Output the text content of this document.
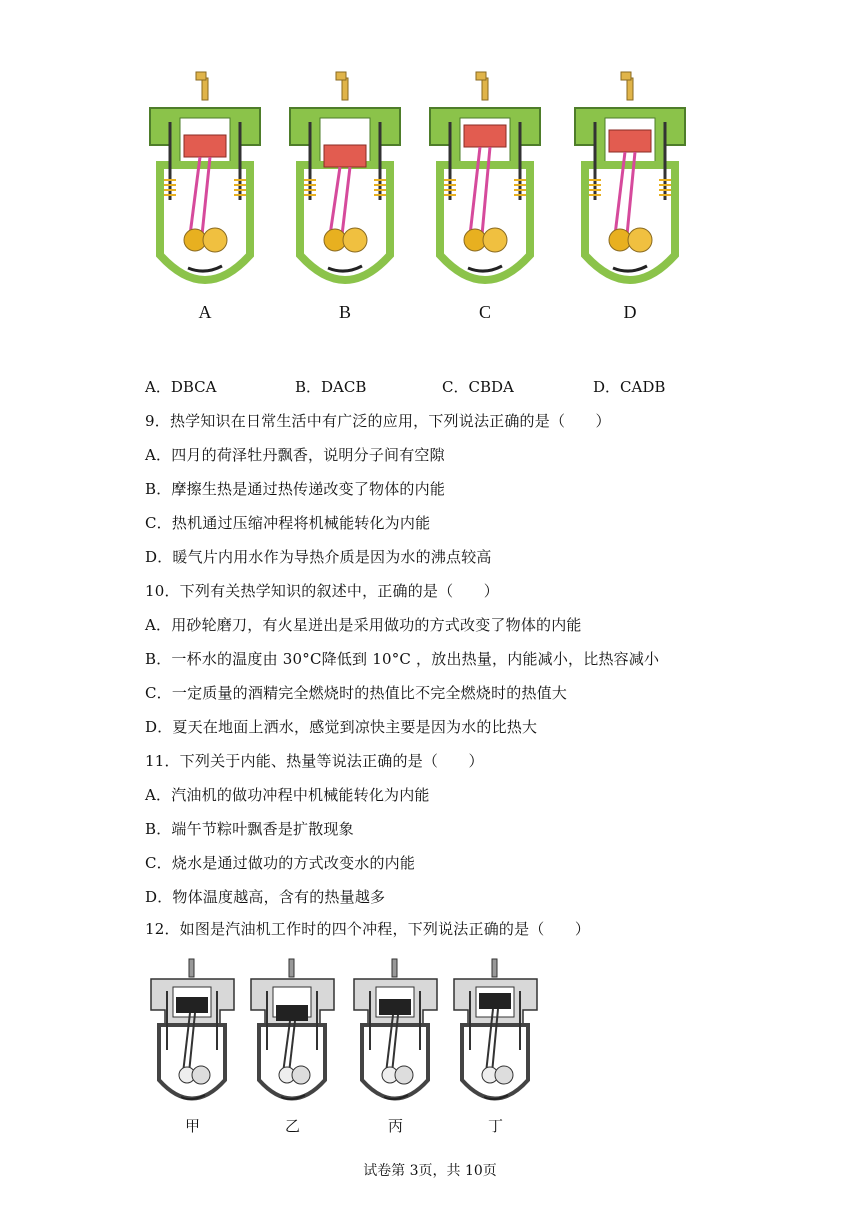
A	B	C	D
A．DBCA	B．DACB	C．CBDA	D．CADB
9．热学知识在日常生活中有广泛的应用，下列说法正确的是（　　）
A．四月的荷泽牡丹飘香，说明分子间有空隙
B．摩擦生热是通过热传递改变了物体的内能
C．热机通过压缩冲程将机械能转化为内能
D．暖气片内用水作为导热介质是因为水的沸点较高
10．下列有关热学知识的叙述中，正确的是（　　）
A．用砂轮磨刀，有火星迸出是采用做功的方式改变了物体的内能
B．一杯水的温度由 30°C降低到 10°C ，放出热量，内能减小，比热容减小
C．一定质量的酒精完全燃烧时的热值比不完全燃烧时的热值大
D．夏天在地面上洒水，感觉到凉快主要是因为水的比热大
11．下列关于内能、热量等说法正确的是（　　）
A．汽油机的做功冲程中机械能转化为内能
B．端午节粽叶飘香是扩散现象
C．烧水是通过做功的方式改变水的内能
D．物体温度越高，含有的热量越多
12．如图是汽油机工作时的四个冲程，下列说法正确的是（　　）
甲	乙	丙	丁
试卷第 3页，共 10页
